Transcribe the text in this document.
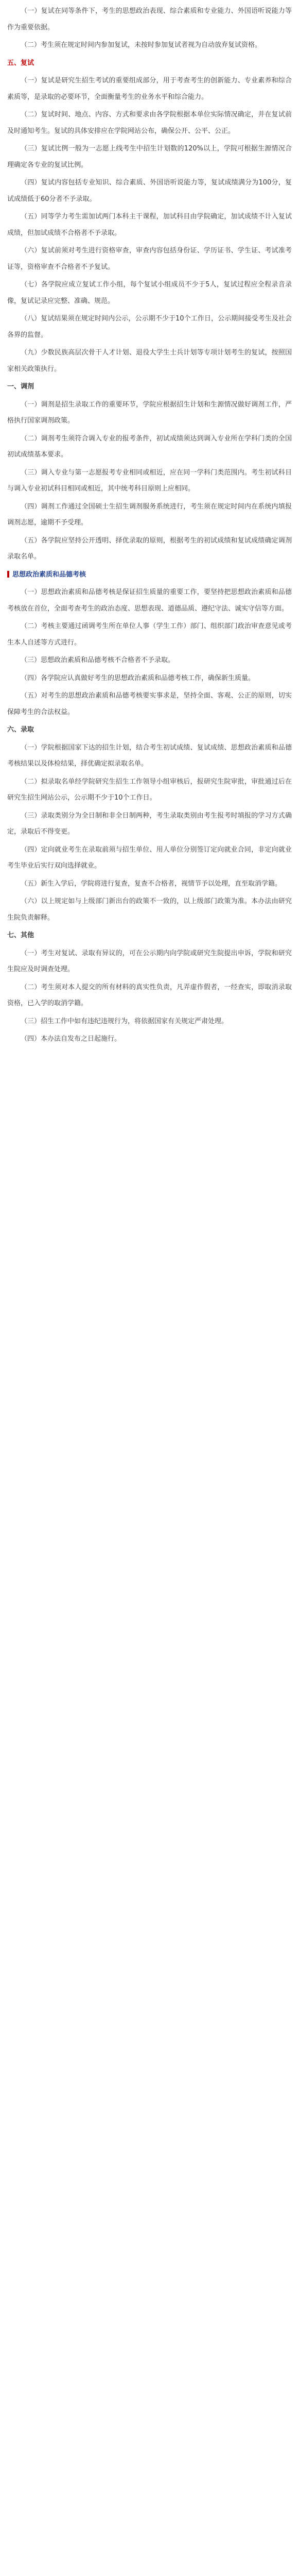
（一）复试在同等条件下，考生的思想政治表现、综合素质和专业能力、外国语听说能力等作为重要依据。

（二）考生须在规定时间内参加复试，未按时参加复试者视为自动放弃复试资格。

五、复试

（一）复试是研究生招生考试的重要组成部分，用于考查考生的创新能力、专业素养和综合素质等，是录取的必要环节，全面衡量考生的业务水平和综合能力。

（二）复试时间、地点、内容、方式和要求由各学院根据本单位实际情况确定，并在复试前及时通知考生。复试的具体安排应在学院网站公布，确保公开、公平、公正。

（三）复试比例一般为一志愿上线考生中招生计划数的120%以上，学院可根据生源情况合理确定各专业的复试比例。

（四）复试内容包括专业知识、综合素质、外国语听说能力等，复试成绩满分为100分，复试成绩低于60分者不予录取。

（五）同等学力考生需加试两门本科主干课程，加试科目由学院确定，加试成绩不计入复试成绩，但加试成绩不合格者不予录取。

（六）复试前须对考生进行资格审查，审查内容包括身份证、学历证书、学生证、考试准考证等，资格审查不合格者不予复试。

（七）各学院应成立复试工作小组，每个复试小组成员不少于5人，复试过程应全程录音录像，复试记录应完整、准确、规范。

（八）复试结果须在规定时间内公示，公示期不少于10个工作日，公示期间接受考生及社会各界的监督。

（九）少数民族高层次骨干人才计划、退役大学生士兵计划等专项计划考生的复试，按照国家相关政策执行。

一、调剂

（一）调剂是招生录取工作的重要环节，学院应根据招生计划和生源情况做好调剂工作，严格执行国家调剂政策。

（二）调剂考生须符合调入专业的报考条件，初试成绩须达到调入专业所在学科门类的全国初试成绩基本要求。

（三）调入专业与第一志愿报考专业相同或相近，应在同一学科门类范围内。考生初试科目与调入专业初试科目相同或相近，其中统考科目原则上应相同。

（四）调剂工作通过全国硕士生招生调剂服务系统进行，考生须在规定时间内在系统内填报调剂志愿，逾期不予受理。

（五）各学院应坚持公开透明、择优录取的原则，根据考生的初试成绩和复试成绩确定调剂录取名单。

思想政治素质和品德考核

（一）思想政治素质和品德考核是保证招生质量的重要工作，要坚持把思想政治素质和品德考核放在首位，全面考查考生的政治态度、思想表现、道德品质、遵纪守法、诚实守信等方面。

（二）考核主要通过函调考生所在单位人事（学生工作）部门、组织部门政治审查意见或考生本人自述等方式进行。

（三）思想政治素质和品德考核不合格者不予录取。

（四）各学院应认真做好考生的思想政治素质和品德考核工作，确保新生质量。

（五）对考生的思想政治素质和品德考核要实事求是，坚持全面、客观、公正的原则，切实保障考生的合法权益。

六、录取

（一）学院根据国家下达的招生计划，结合考生初试成绩、复试成绩、思想政治素质和品德考核结果以及体检结果，择优确定拟录取名单。

（二）拟录取名单经学院研究生招生工作领导小组审核后，报研究生院审批，审批通过后在研究生招生网站公示，公示期不少于10个工作日。

（三）录取类别分为全日制和非全日制两种，考生录取类别由考生报考时填报的学习方式确定，录取后不得变更。

（四）定向就业考生在录取前须与招生单位、用人单位分别签订定向就业合同，非定向就业考生毕业后实行双向选择就业。

（五）新生入学后，学院将进行复查，复查不合格者，视情节予以处理，直至取消学籍。

（六）以上规定如与上级部门新出台的政策不一致的，以上级部门政策为准。本办法由研究生院负责解释。

七、其他

（一）考生对复试、录取有异议的，可在公示期内向学院或研究生院提出申诉，学院和研究生院应及时调查处理。

（二）考生须对本人提交的所有材料的真实性负责，凡弄虚作假者，一经查实，即取消录取资格，已入学的取消学籍。

（三）招生工作中如有违纪违规行为，将依据国家有关规定严肃处理。

（四）本办法自发布之日起施行。
